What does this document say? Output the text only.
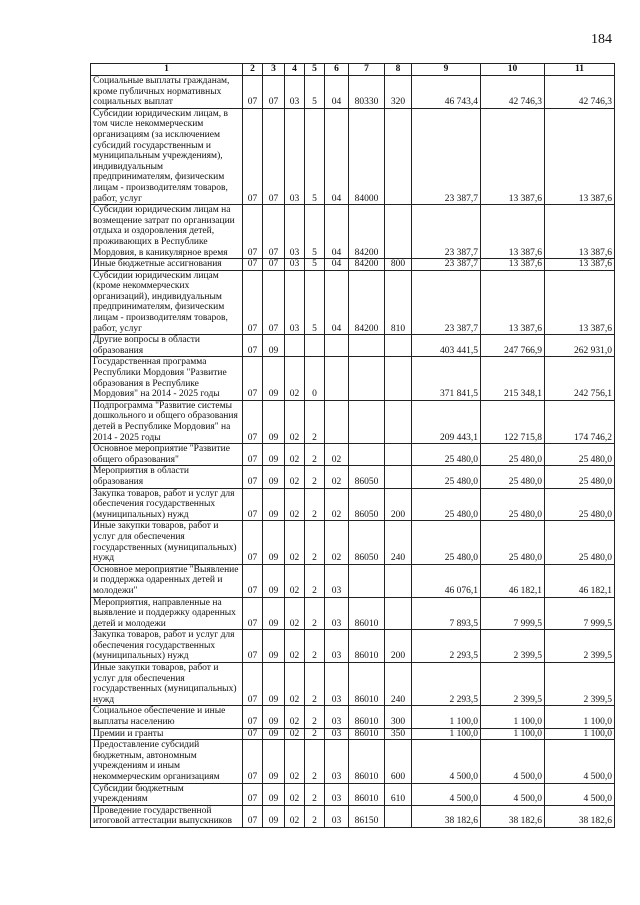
184
1	2	3	4	5	6	7	8	9	10	11
Социальные выплаты гражданам, кроме публичных нормативных социальных выплат	07	07	03	5	04	80330	320	46 743,4	42 746,3	42 746,3
Субсидии юридическим лицам, в том числе некоммерческим организациям (за исключением субсидий государственным и муниципальным учреждениям), индивидуальным предпринимателям, физическим лицам - производителям товаров, работ, услуг	07	07	03	5	04	84000		23 387,7	13 387,6	13 387,6
Субсидии юридическим лицам на возмещение затрат по организации отдыха и оздоровления детей, проживающих в Республике Мордовия, в каникулярное время	07	07	03	5	04	84200		23 387,7	13 387,6	13 387,6
Иные бюджетные ассигнования	07	07	03	5	04	84200	800	23 387,7	13 387,6	13 387,6
Субсидии юридическим лицам (кроме некоммерческих организаций), индивидуальным предпринимателям, физическим лицам - производителям товаров, работ, услуг	07	07	03	5	04	84200	810	23 387,7	13 387,6	13 387,6
Другие вопросы в области образования	07	09						403 441,5	247 766,9	262 931,0
Государственная программа Республики Мордовия "Развитие образования в Республике Мордовия" на 2014 - 2025 годы	07	09	02	0				371 841,5	215 348,1	242 756,1
Подпрограмма "Развитие системы дошкольного и общего образования детей в Республике Мордовия" на 2014 - 2025 годы	07	09	02	2				209 443,1	122 715,8	174 746,2
Основное мероприятие "Развитие общего образования"	07	09	02	2	02			25 480,0	25 480,0	25 480,0
Мероприятия в области образования	07	09	02	2	02	86050		25 480,0	25 480,0	25 480,0
Закупка товаров, работ и услуг для обеспечения государственных (муниципальных) нужд	07	09	02	2	02	86050	200	25 480,0	25 480,0	25 480,0
Иные закупки товаров, работ и услуг для обеспечения государственных (муниципальных) нужд	07	09	02	2	02	86050	240	25 480,0	25 480,0	25 480,0
Основное мероприятие "Выявление и поддержка одаренных детей и молодежи"	07	09	02	2	03			46 076,1	46 182,1	46 182,1
Мероприятия, направленные на выявление и поддержку одаренных детей и молодежи	07	09	02	2	03	86010		7 893,5	7 999,5	7 999,5
Закупка товаров, работ и услуг для обеспечения государственных (муниципальных) нужд	07	09	02	2	03	86010	200	2 293,5	2 399,5	2 399,5
Иные закупки товаров, работ и услуг для обеспечения государственных (муниципальных) нужд	07	09	02	2	03	86010	240	2 293,5	2 399,5	2 399,5
Социальное обеспечение и иные выплаты населению	07	09	02	2	03	86010	300	1 100,0	1 100,0	1 100,0
Премии и гранты	07	09	02	2	03	86010	350	1 100,0	1 100,0	1 100,0
Предоставление субсидий бюджетным, автономным учреждениям и иным некоммерческим организациям	07	09	02	2	03	86010	600	4 500,0	4 500,0	4 500,0
Субсидии бюджетным учреждениям	07	09	02	2	03	86010	610	4 500,0	4 500,0	4 500,0
Проведение государственной итоговой аттестации выпускников	07	09	02	2	03	86150		38 182,6	38 182,6	38 182,6
